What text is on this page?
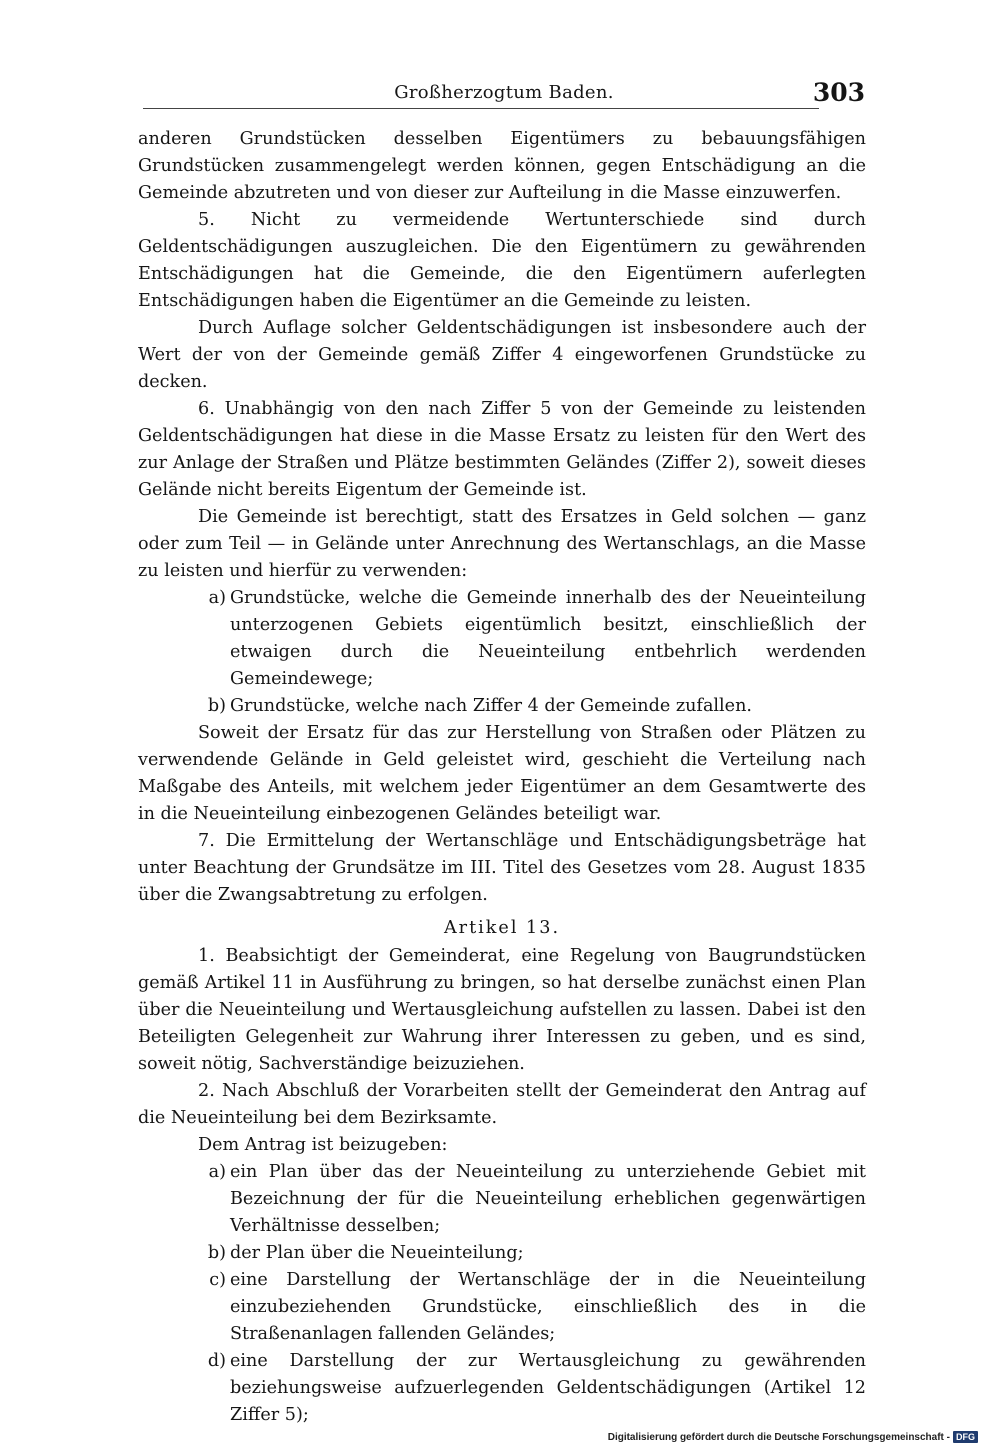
Großherzogtum Baden.	303

anderen Grundstücken desselben Eigentümers zu bebauungsfähigen Grundstücken zusammengelegt werden können, gegen Entschädigung an die Gemeinde abzutreten und von dieser zur Aufteilung in die Masse einzuwerfen.

5. Nicht zu vermeidende Wertunterschiede sind durch Geldentschädigungen auszugleichen. Die den Eigentümern zu gewährenden Entschädigungen hat die Gemeinde, die den Eigentümern auferlegten Entschädigungen haben die Eigentümer an die Gemeinde zu leisten.

Durch Auflage solcher Geldentschädigungen ist insbesondere auch der Wert der von der Gemeinde gemäß Ziffer 4 eingeworfenen Grundstücke zu decken.

6. Unabhängig von den nach Ziffer 5 von der Gemeinde zu leistenden Geldentschädigungen hat diese in die Masse Ersatz zu leisten für den Wert des zur Anlage der Straßen und Plätze bestimmten Geländes (Ziffer 2), soweit dieses Gelände nicht bereits Eigentum der Gemeinde ist.

Die Gemeinde ist berechtigt, statt des Ersatzes in Geld solchen — ganz oder zum Teil — in Gelände unter Anrechnung des Wertanschlags, an die Masse zu leisten und hierfür zu verwenden:

a) Grundstücke, welche die Gemeinde innerhalb des der Neueinteilung unterzogenen Gebiets eigentümlich besitzt, einschließlich der etwaigen durch die Neueinteilung entbehrlich werdenden Gemeindewege;
b) Grundstücke, welche nach Ziffer 4 der Gemeinde zufallen.

Soweit der Ersatz für das zur Herstellung von Straßen oder Plätzen zu verwendende Gelände in Geld geleistet wird, geschieht die Verteilung nach Maßgabe des Anteils, mit welchem jeder Eigentümer an dem Gesamtwerte des in die Neueinteilung einbezogenen Geländes beteiligt war.

7. Die Ermittelung der Wertanschläge und Entschädigungsbeträge hat unter Beachtung der Grundsätze im III. Titel des Gesetzes vom 28. August 1835 über die Zwangsabtretung zu erfolgen.

Artikel 13.

1. Beabsichtigt der Gemeinderat, eine Regelung von Baugrundstücken gemäß Artikel 11 in Ausführung zu bringen, so hat derselbe zunächst einen Plan über die Neueinteilung und Wertausgleichung aufstellen zu lassen. Dabei ist den Beteiligten Gelegenheit zur Wahrung ihrer Interessen zu geben, und es sind, soweit nötig, Sachverständige beizuziehen.

2. Nach Abschluß der Vorarbeiten stellt der Gemeinderat den Antrag auf die Neueinteilung bei dem Bezirksamte.

Dem Antrag ist beizugeben:

a) ein Plan über das der Neueinteilung zu unterziehende Gebiet mit Bezeichnung der für die Neueinteilung erheblichen gegenwärtigen Verhältnisse desselben;
b) der Plan über die Neueinteilung;
c) eine Darstellung der Wertanschläge der in die Neueinteilung einzubeziehenden Grundstücke, einschließlich des in die Straßenanlagen fallenden Geländes;
d) eine Darstellung der zur Wertausgleichung zu gewährenden beziehungsweise aufzuerlegenden Geldentschädigungen (Artikel 12 Ziffer 5);
Digitalisierung gefördert durch die Deutsche Forschungsgemeinschaft - DFG
